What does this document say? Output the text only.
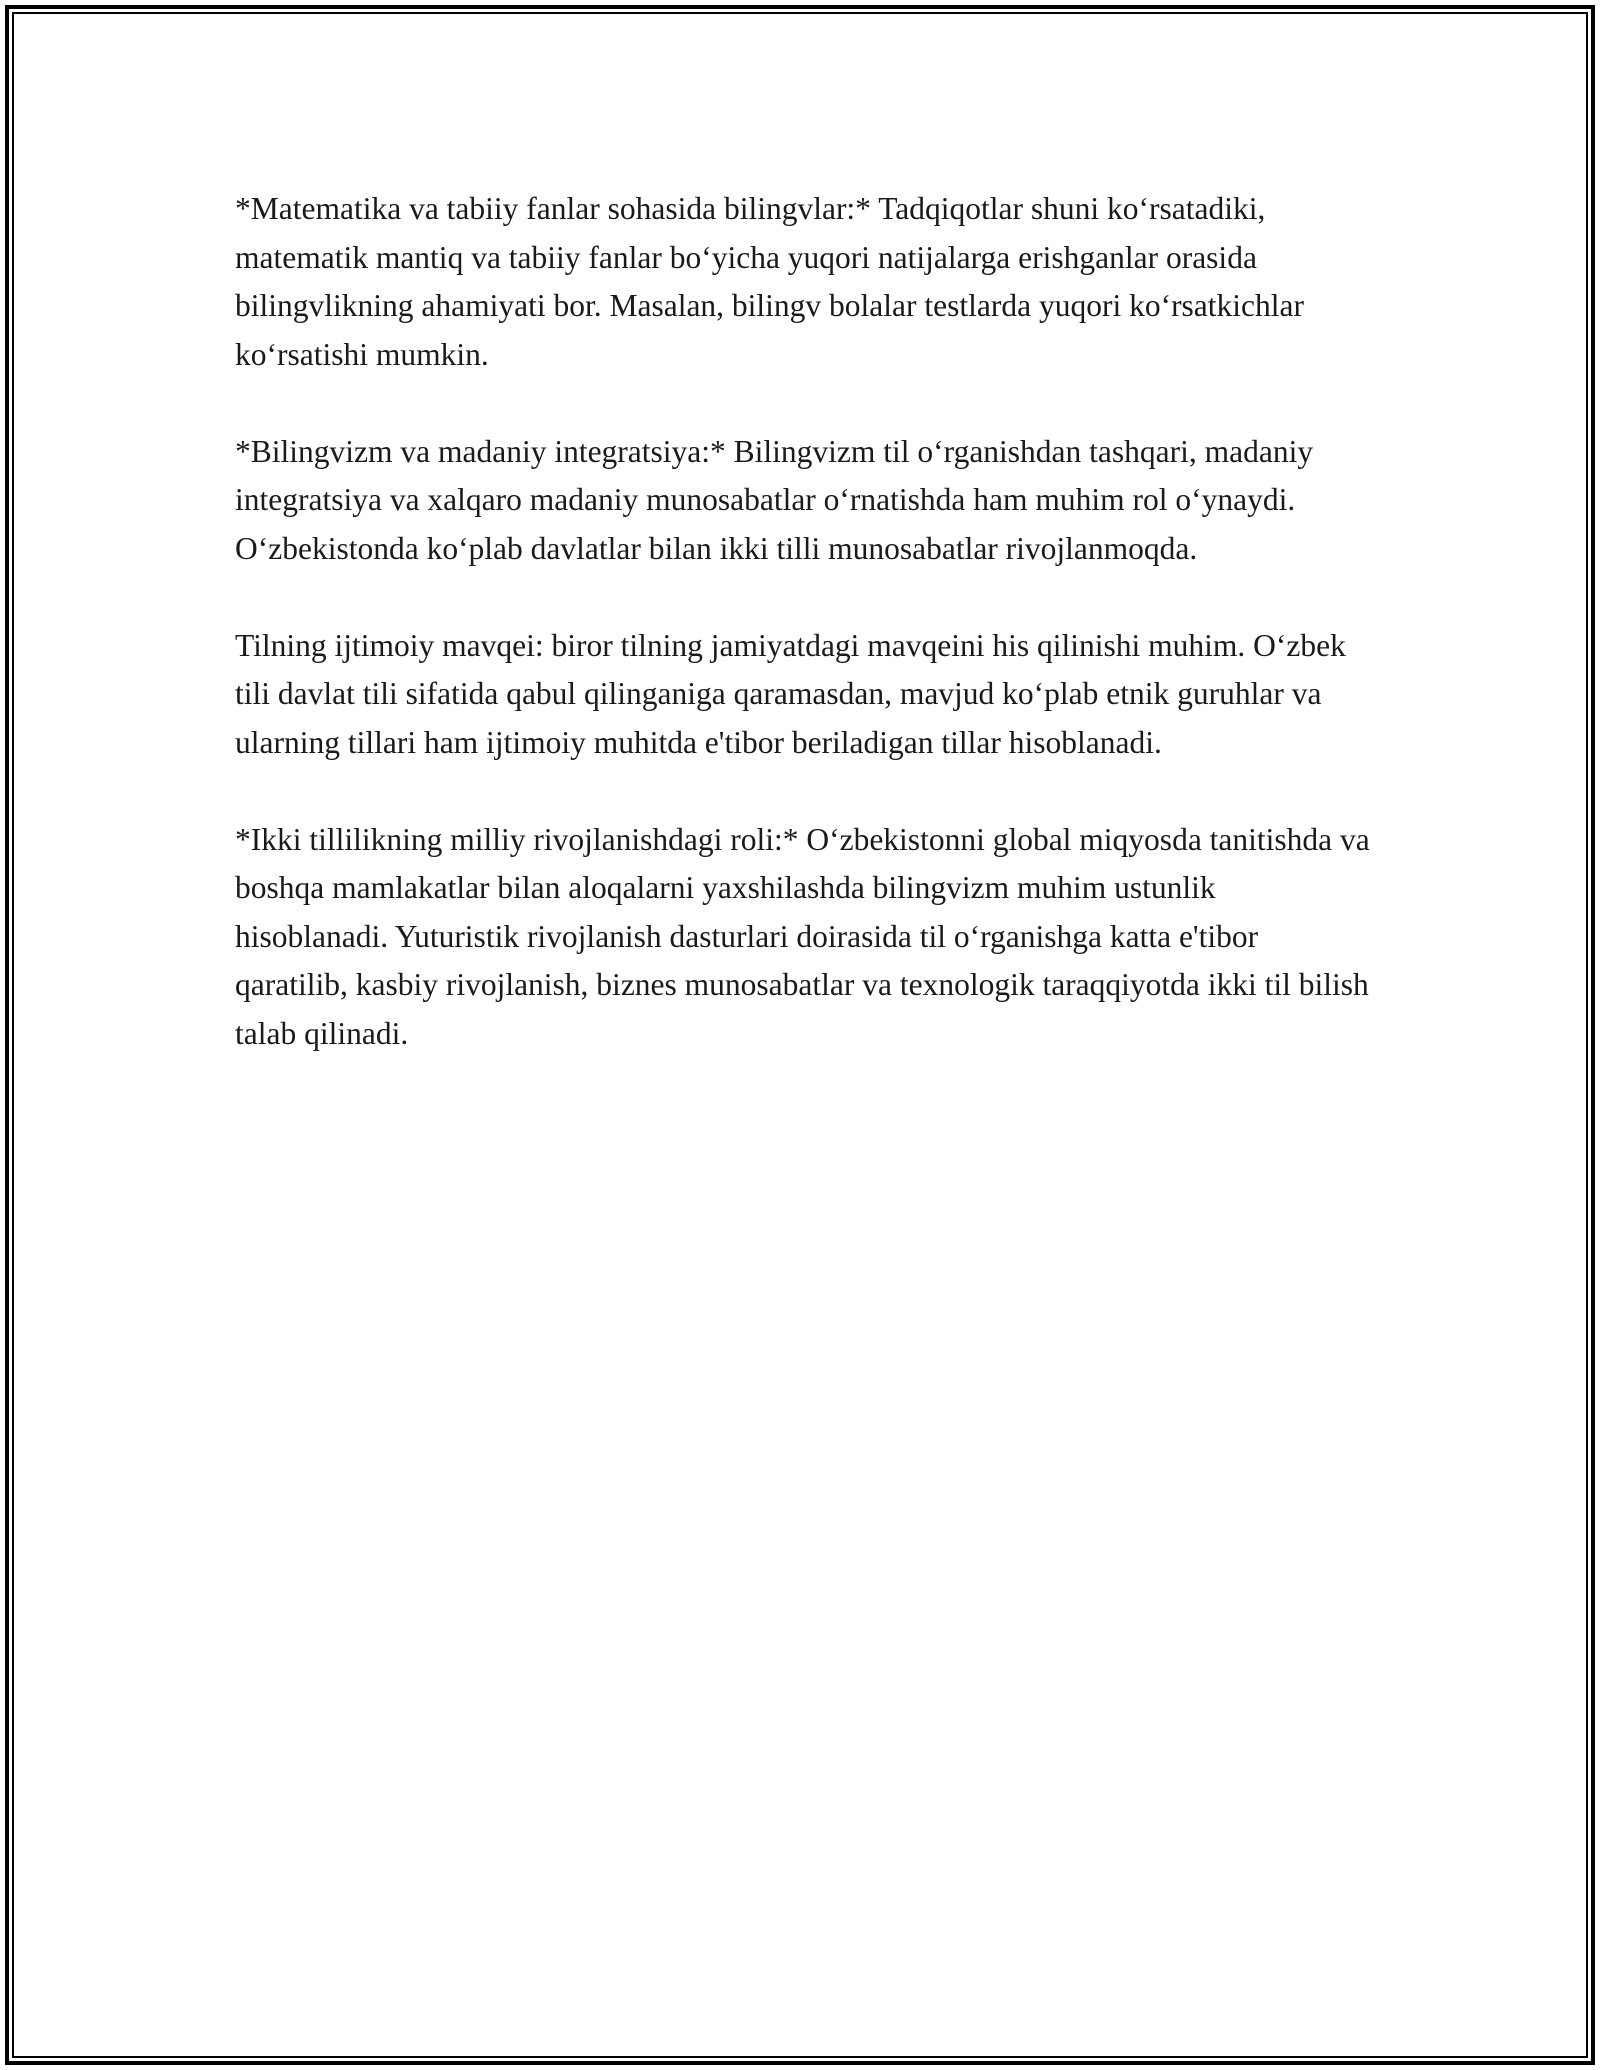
*Matematika va tabiiy fanlar sohasida bilingvlar:* Tadqiqotlar shuni ko‘rsatadiki, matematik mantiq va tabiiy fanlar bo‘yicha yuqori natijalarga erishganlar orasida bilingvlikning ahamiyati bor. Masalan, bilingv bolalar testlarda yuqori ko‘rsatkichlar ko‘rsatishi mumkin.

*Bilingvizm va madaniy integratsiya:* Bilingvizm til o‘rganishdan tashqari, madaniy integratsiya va xalqaro madaniy munosabatlar o‘rnatishda ham muhim rol o‘ynaydi. O‘zbekistonda ko‘plab davlatlar bilan ikki tilli munosabatlar rivojlanmoqda.

Tilning ijtimoiy mavqei: biror tilning jamiyatdagi mavqeini his qilinishi muhim. O‘zbek tili davlat tili sifatida qabul qilinganiga qaramasdan, mavjud ko‘plab etnik guruhlar va ularning tillari ham ijtimoiy muhitda e'tibor beriladigan tillar hisoblanadi.

*Ikki tillilikning milliy rivojlanishdagi roli:* O‘zbekistonni global miqyosda tanitishda va boshqa mamlakatlar bilan aloqalarni yaxshilashda bilingvizm muhim ustunlik hisoblanadi. Yuturistik rivojlanish dasturlari doirasida til o‘rganishga katta e'tibor qaratilib, kasbiy rivojlanish, biznes munosabatlar va texnologik taraqqiyotda ikki til bilish talab qilinadi.
